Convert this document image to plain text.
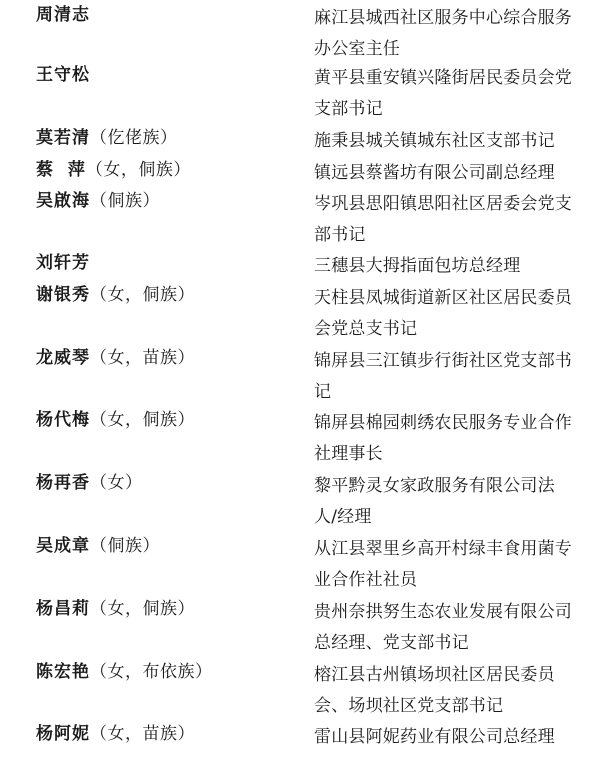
周清志	麻江县城西社区服务中心综合服务办公室主任
王守松	黄平县重安镇兴隆街居民委员会党支部书记
莫若清（仡佬族）	施秉县城关镇城东社区支部书记
蔡  萍（女，侗族）	镇远县蔡酱坊有限公司副总经理
吴啟海（侗族）	岑巩县思阳镇思阳社区居委会党支部书记
刘轩芳	三穗县大拇指面包坊总经理
谢银秀（女，侗族）	天柱县凤城街道新区社区居民委员会党总支书记
龙威琴（女，苗族）	锦屏县三江镇步行街社区党支部书记
杨代梅（女，侗族）	锦屏县棉园刺绣农民服务专业合作社理事长
杨再香（女）	黎平黔灵女家政服务有限公司法人/经理
吴成章（侗族）	从江县翠里乡高开村绿丰食用菌专业合作社社员
杨昌莉（女，侗族）	贵州奈拱努生态农业发展有限公司总经理、党支部书记
陈宏艳（女，布依族）	榕江县古州镇场坝社区居民委员会、场坝社区党支部书记
杨阿妮（女，苗族）	雷山县阿妮药业有限公司总经理
